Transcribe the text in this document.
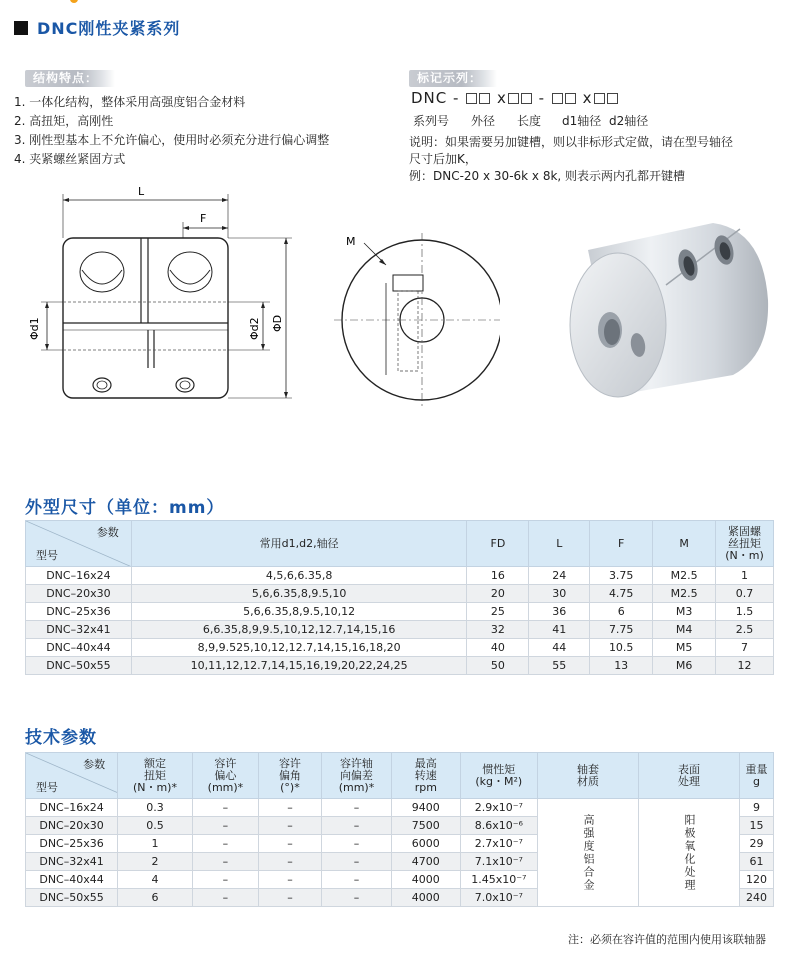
DNC刚性夹紧系列
结构特点：
1. 一体化结构，整体采用高强度铝合金材料
2. 高扭矩，高刚性
3. 刚性型基本上不允许偏心，使用时必须充分进行偏心调整
4. 夹紧螺丝紧固方式
标记示列：
DNC -  x -  x
系列号 外径 长度 d1轴径 d2轴径
说明：如果需要另加键槽，则以非标形式定做，请在型号轴径
尺寸后加K，
例：DNC-20 x 30-6k x 8k, 则表示两内孔都开键槽
L
F
Φd1	Φd2 ΦD
M
外型尺寸（单位：mm）
参数
型号	常用d1,d2,轴径	FD	L	F	M	紧固螺
丝扭矩
(N・m)
DNC–16x24	4,5,6,6.35,8	16	24	3.75	M2.5	1
DNC–20x30	5,6,6.35,8,9.5,10	20	30	4.75	M2.5	0.7
DNC–25x36	5,6,6.35,8,9.5,10,12	25	36	6	M3	1.5
DNC–32x41	6,6.35,8,9,9.5,10,12,12.7,14,15,16	32	41	7.75	M4	2.5
DNC–40x44	8,9,9.525,10,12,12.7,14,15,16,18,20	40	44	10.5	M5	7
DNC–50x55	10,11,12,12.7,14,15,16,19,20,22,24,25	50	55	13	M6	12
技术参数
参数
型号	额定
扭矩
(N・m)*	容许
偏心
(mm)*	容许
偏角
(°)*	容许轴
向偏差
(mm)*	最高
转速
rpm	惯性矩
(kg・M²)	轴套
材质	表面
处理	重量
g
DNC–16x24	0.3	–	–	–	9400	2.9x10⁻⁷	高强度铝合金	阳极氧化处理	9
DNC–20x30	0.5	–	–	–	7500	8.6x10⁻⁶			15
DNC–25x36	1	–	–	–	6000	2.7x10⁻⁷			29
DNC–32x41	2	–	–	–	4700	7.1x10⁻⁷			61
DNC–40x44	4	–	–	–	4000	1.45x10⁻⁷			120
DNC–50x55	6	–	–	–	4000	7.0x10⁻⁷			240
注：必须在容许值的范围内使用该联轴器
